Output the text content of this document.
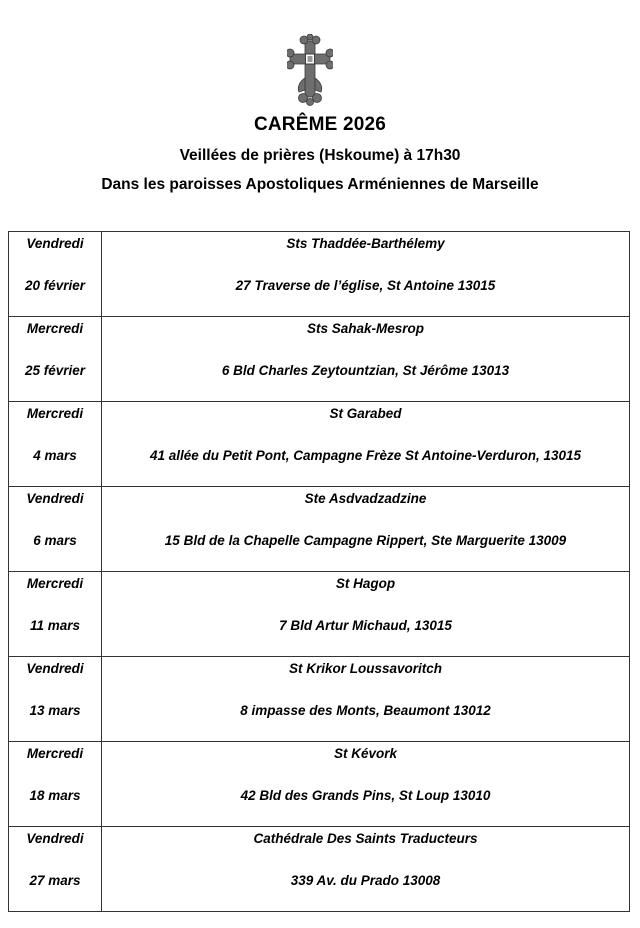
CARÊME 2026
Veillées de prières (Hskoume) à 17h30
Dans les paroisses Apostoliques Arméniennes de Marseille
Vendredi
20 février	Sts Thaddée-Barthélemy
27 Traverse de l’église, St Antoine 13015

Mercredi
25 février	Sts Sahak-Mesrop
6 Bld Charles Zeytountzian, St Jérôme 13013

Mercredi
4 mars	St Garabed
41 allée du Petit Pont, Campagne Frèze St Antoine-Verduron, 13015

Vendredi
6 mars	Ste Asdvadzadzine
15 Bld de la Chapelle Campagne Rippert, Ste Marguerite 13009

Mercredi
11 mars	St Hagop
7 Bld Artur Michaud, 13015

Vendredi
13 mars	St Krikor Loussavoritch
8 impasse des Monts, Beaumont 13012

Mercredi
18 mars	St Kévork
42 Bld des Grands Pins, St Loup 13010

Vendredi
27 mars	Cathédrale Des Saints Traducteurs
339 Av. du Prado 13008
